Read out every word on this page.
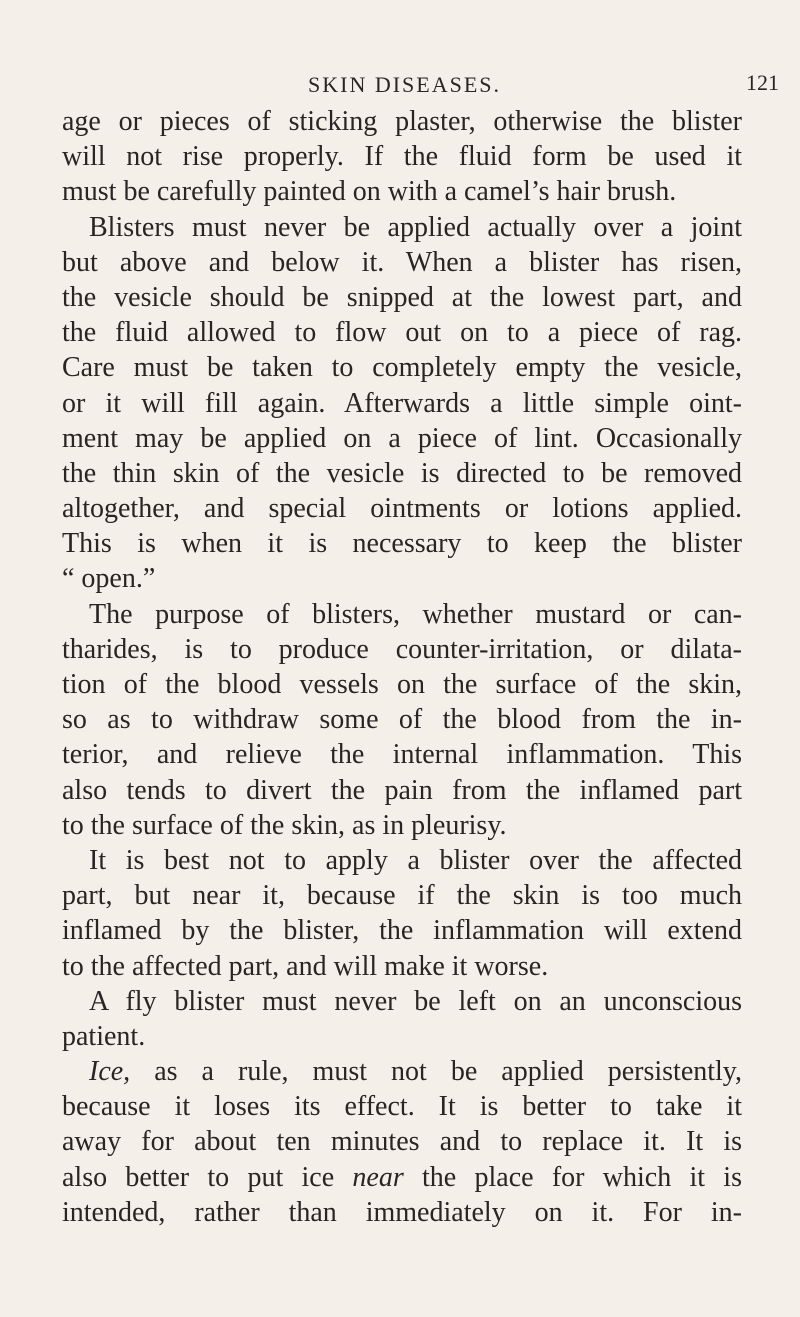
SKIN DISEASES.	121
age or pieces of sticking plaster, otherwise the blister
will not rise properly. If the fluid form be used it
must be carefully painted on with a camel’s hair brush.
Blisters must never be applied actually over a joint
but above and below it. When a blister has risen,
the vesicle should be snipped at the lowest part, and
the fluid allowed to flow out on to a piece of rag.
Care must be taken to completely empty the vesicle,
or it will fill again. Afterwards a little simple oint-
ment may be applied on a piece of lint. Occasionally
the thin skin of the vesicle is directed to be removed
altogether, and special ointments or lotions applied.
This is when it is necessary to keep the blister
“ open.”
The purpose of blisters, whether mustard or can-
tharides, is to produce counter-irritation, or dilata-
tion of the blood vessels on the surface of the skin,
so as to withdraw some of the blood from the in-
terior, and relieve the internal inflammation. This
also tends to divert the pain from the inflamed part
to the surface of the skin, as in pleurisy.
It is best not to apply a blister over the affected
part, but near it, because if the skin is too much
inflamed by the blister, the inflammation will extend
to the affected part, and will make it worse.
A fly blister must never be left on an unconscious
patient.
Ice, as a rule, must not be applied persistently,
because it loses its effect. It is better to take it
away for about ten minutes and to replace it. It is
also better to put ice near the place for which it is
intended, rather than immediately on it. For in-
